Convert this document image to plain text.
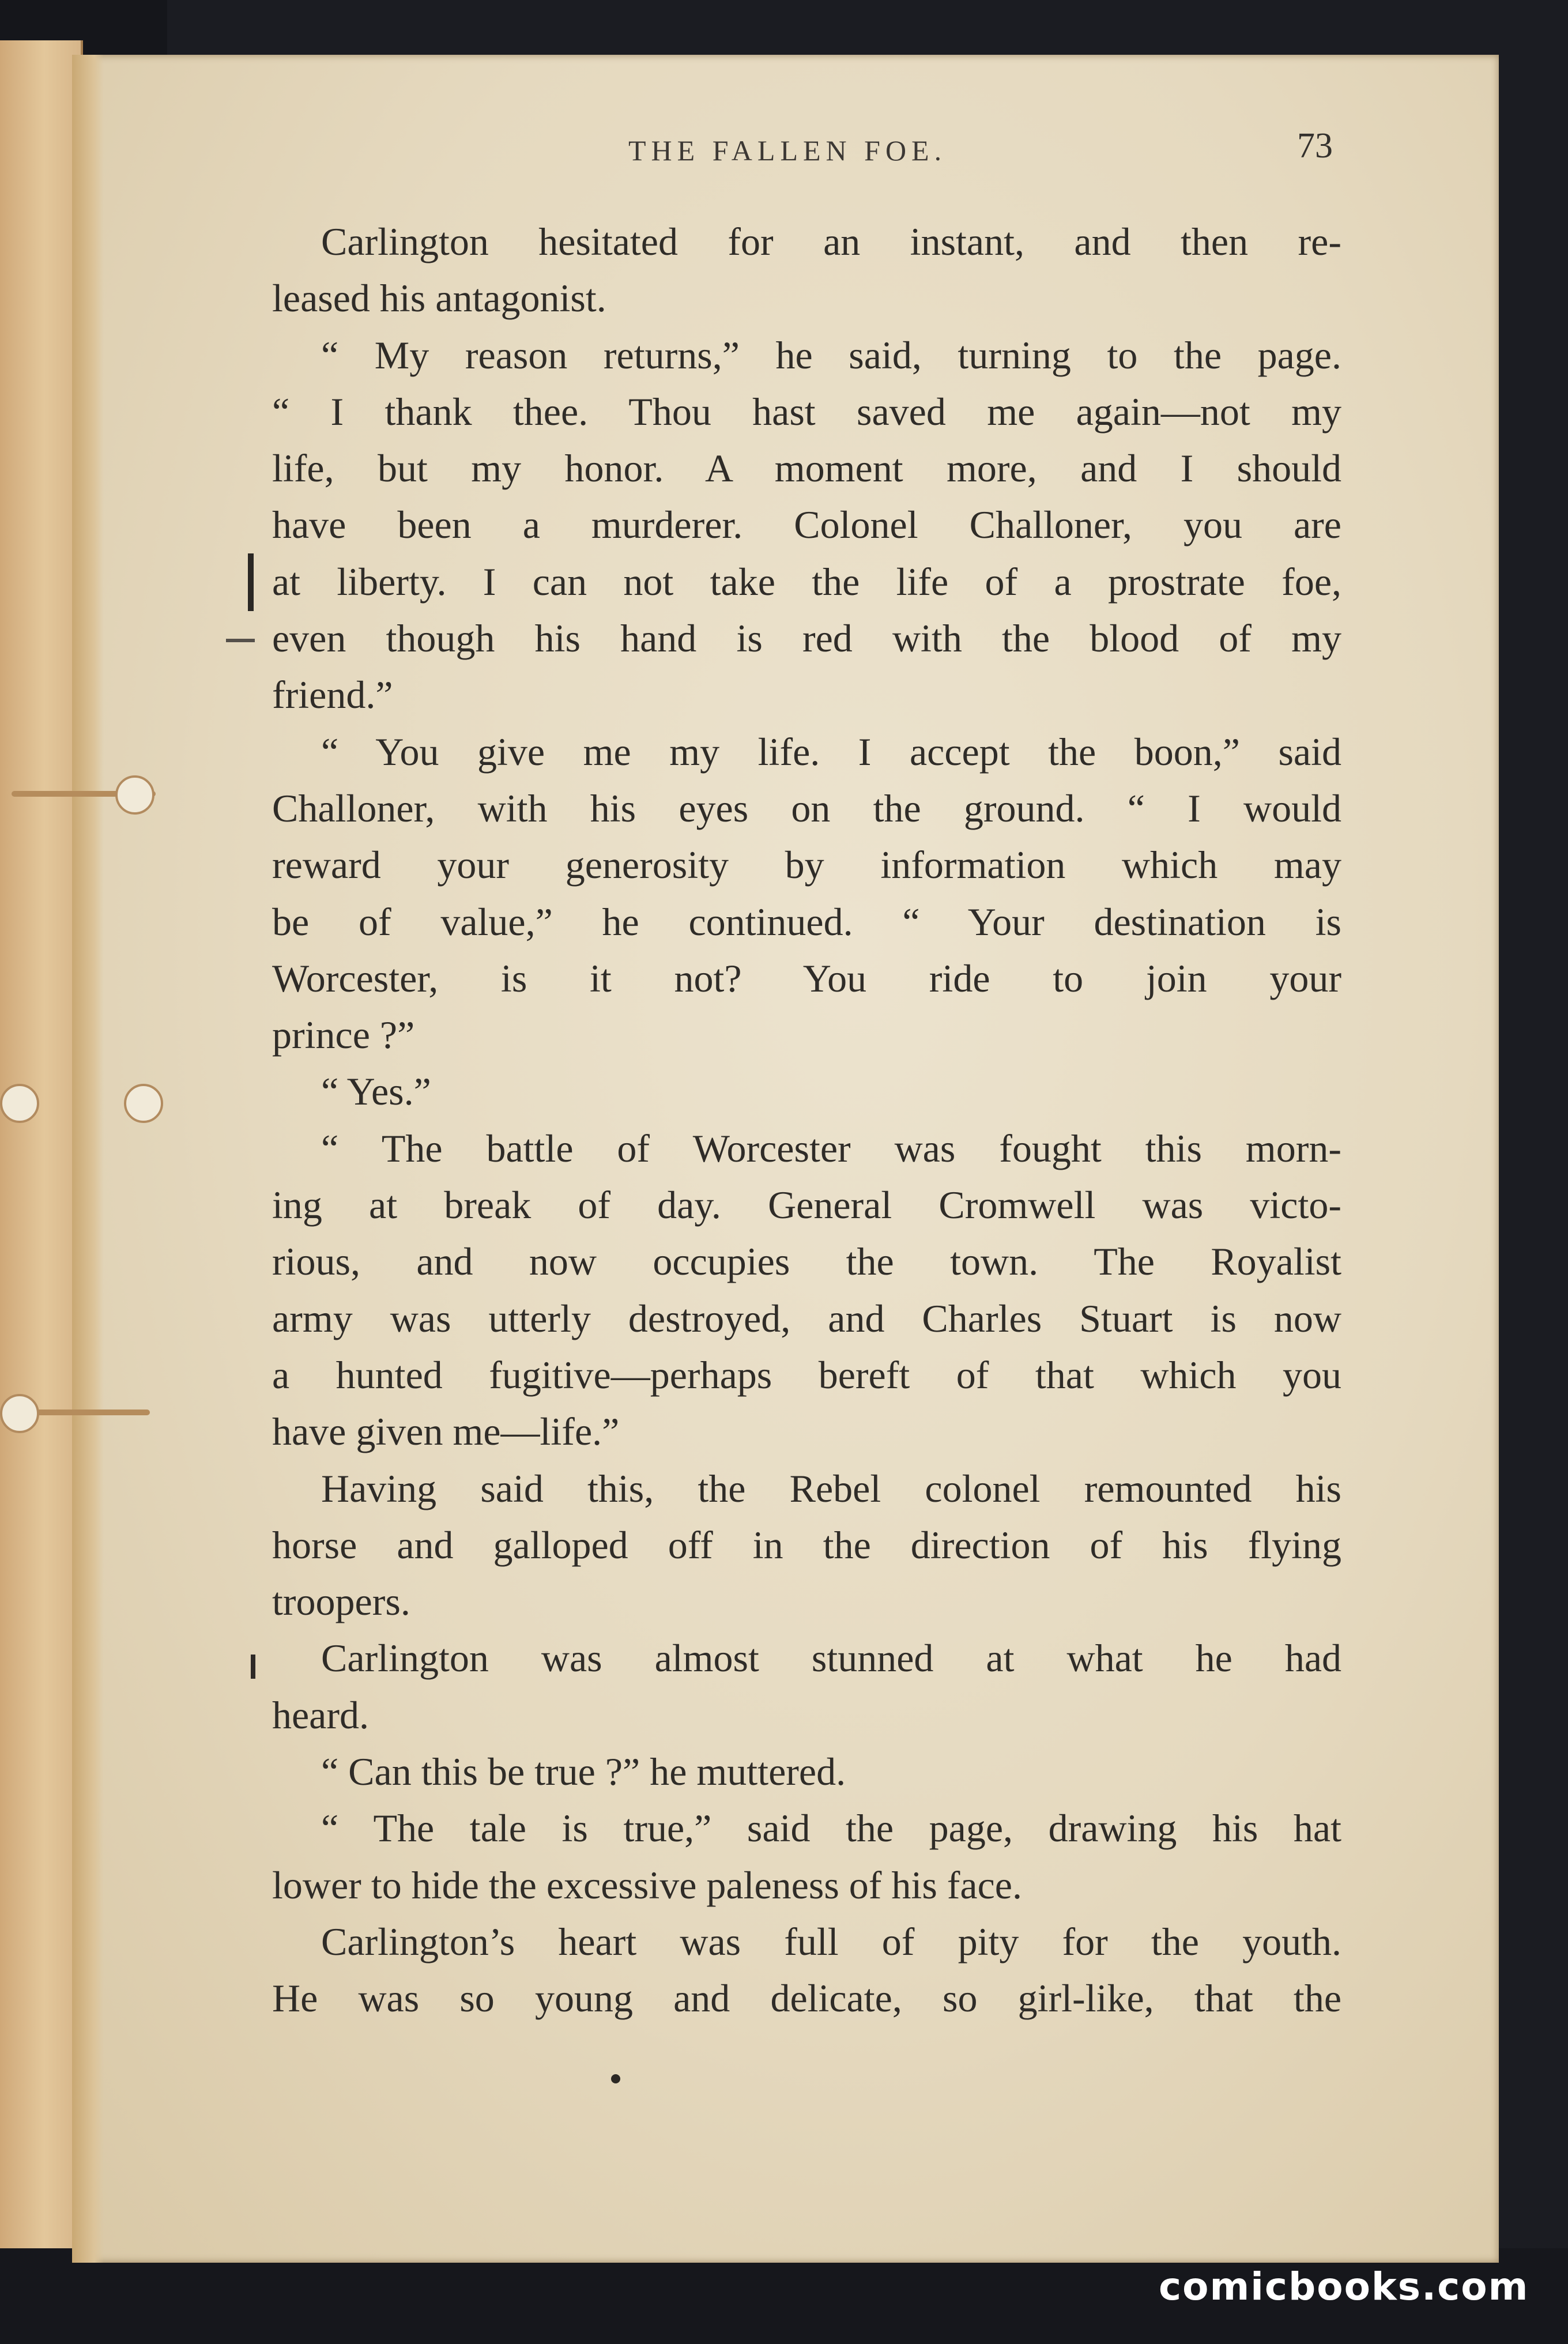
THE FALLEN FOE.	73
Carlington hesitated for an instant, and then re-
leased his antagonist.
“ My reason returns,” he said, turning to the page.
“ I thank thee. Thou hast saved me again—not my
life, but my honor. A moment more, and I should
have been a murderer. Colonel Challoner, you are
at liberty. I can not take the life of a prostrate foe,
even though his hand is red with the blood of my
friend.”
“ You give me my life. I accept the boon,” said
Challoner, with his eyes on the ground. “ I would
reward your generosity by information which may
be of value,” he continued. “ Your destination is
Worcester, is it not? You ride to join your
prince ?”
“ Yes.”
“ The battle of Worcester was fought this morn-
ing at break of day. General Cromwell was victo-
rious, and now occupies the town. The Royalist
army was utterly destroyed, and Charles Stuart is now
a hunted fugitive—perhaps bereft of that which you
have given me—life.”
Having said this, the Rebel colonel remounted his
horse and galloped off in the direction of his flying
troopers.
Carlington was almost stunned at what he had
heard.
“ Can this be true ?” he muttered.
“ The tale is true,” said the page, drawing his hat
lower to hide the excessive paleness of his face.
Carlington’s heart was full of pity for the youth.
He was so young and delicate, so girl-like, that the
comicbooks.com
